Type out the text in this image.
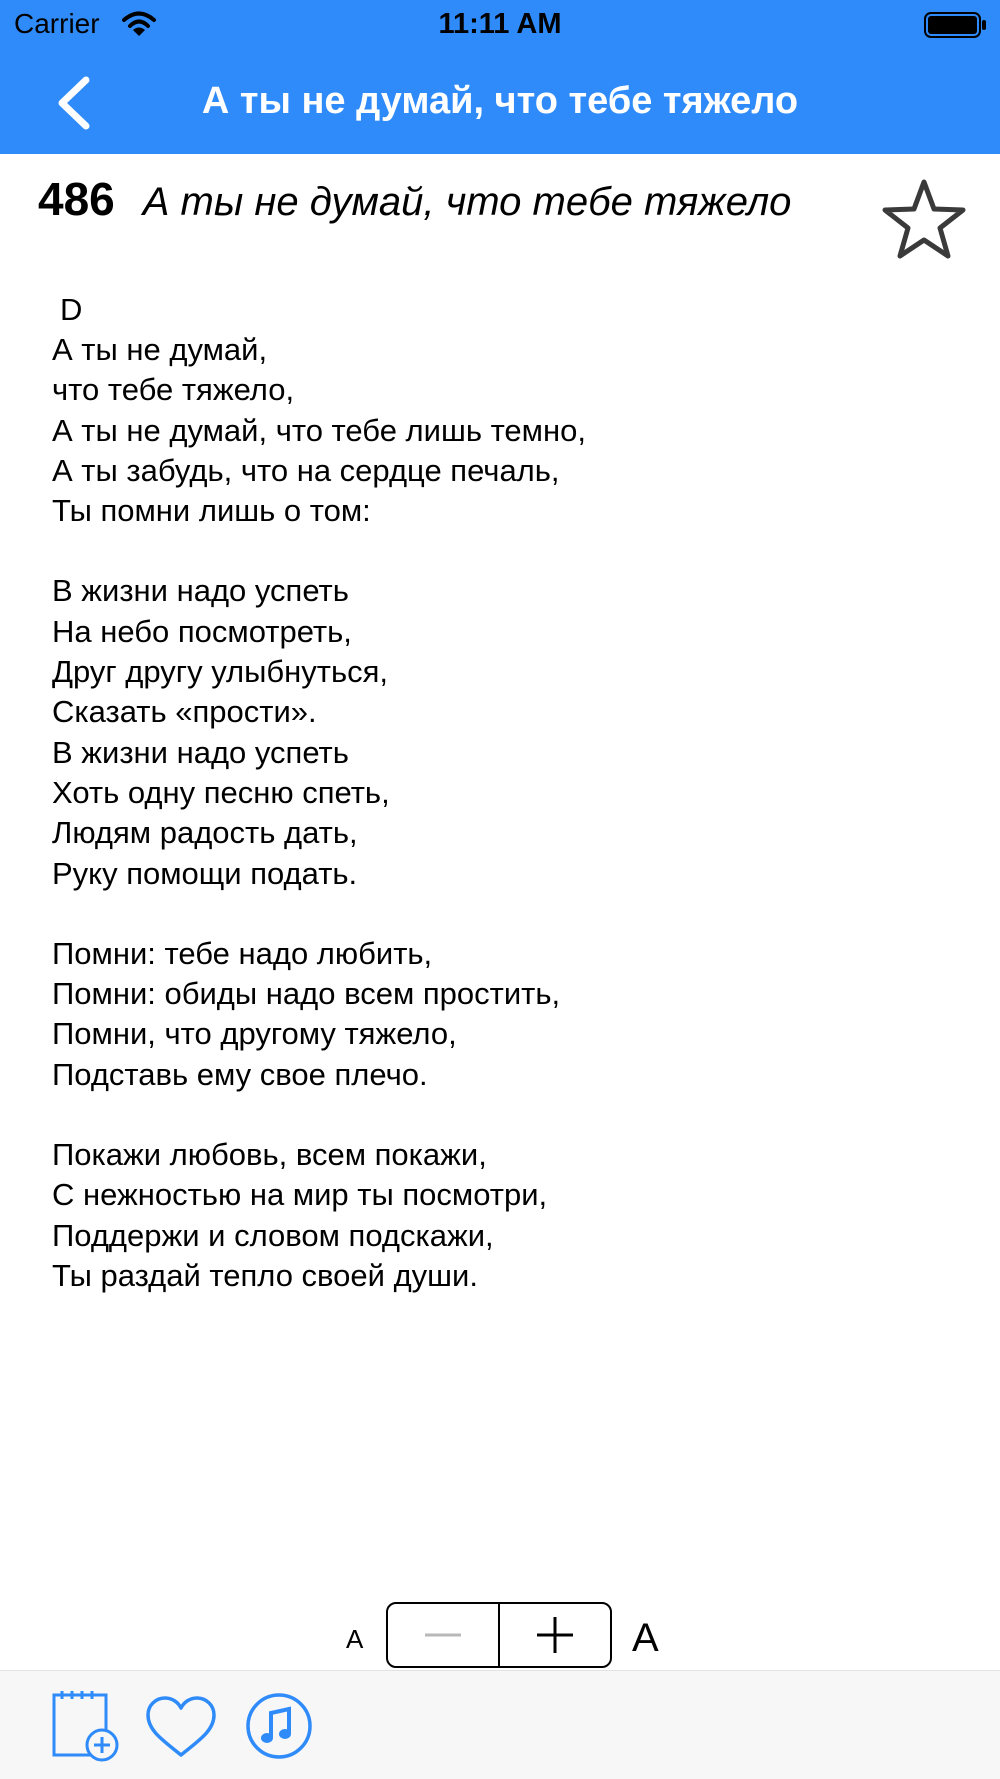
Carrier	11:11 AM
А ты не думай, что тебе тяжело
486 А ты не думай, что тебе тяжело
D
А ты не думай,
что тебе тяжело,
А ты не думай, что тебе лишь темно,
А ты забудь, что на сердце печаль,
Ты помни лишь о том:
В жизни надо успеть
На небо посмотреть,
Друг другу улыбнуться,
Сказать «прости».
В жизни надо успеть
Хоть одну песню спеть,
Людям радость дать,
Руку помощи подать.
Помни: тебе надо любить,
Помни: обиды надо всем простить,
Помни, что другому тяжело,
Подставь ему свое плечо.
Покажи любовь, всем покажи,
С нежностью на мир ты посмотри,
Поддержи и словом подскажи,
Ты раздай тепло своей души.
A	A
